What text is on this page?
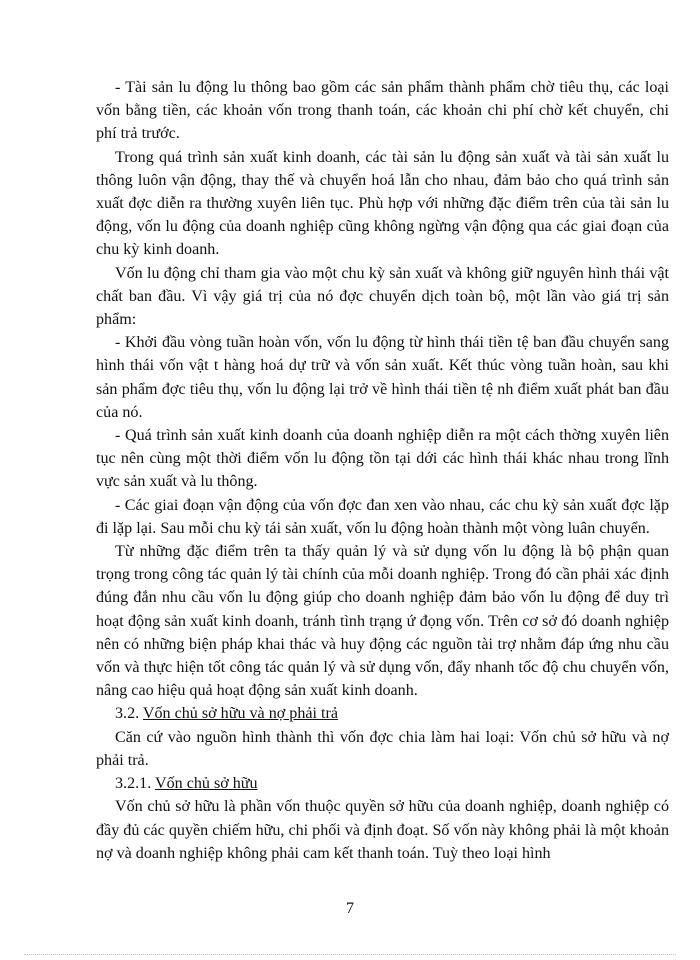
- Tài sản lu động lu thông bao gồm các sản phẩm thành phẩm chờ tiêu thụ, các loại vốn bằng tiền, các khoản vốn trong thanh toán, các khoản chi phí chờ kết chuyển, chi phí trả trước.

Trong quá trình sản xuất kinh doanh, các tài sản lu động sản xuất và tài sản xuất lu thông luôn vận động, thay thế và chuyển hoá lẫn cho nhau, đảm bảo cho quá trình sản xuất đợc diễn ra thường xuyên liên tục. Phù hợp với những đặc điểm trên của tài sản lu động, vốn lu động của doanh nghiệp cũng không ngừng vận động qua các giai đoạn của chu kỳ kinh doanh.

Vốn lu động chỉ tham gia vào một chu kỳ sản xuất và không giữ nguyên hình thái vật chất ban đầu. Vì vậy giá trị của nó đợc chuyển dịch toàn bộ, một lần vào giá trị sản phẩm:

- Khởi đầu vòng tuần hoàn vốn, vốn lu động từ hình thái tiền tệ ban đầu chuyển sang hình thái vốn vật t hàng hoá dự trữ và vốn sản xuất. Kết thúc vòng tuần hoàn, sau khi sản phẩm đợc tiêu thụ, vốn lu động lại trở về hình thái tiền tệ nh điểm xuất phát ban đầu của nó.

- Quá trình sản xuất kinh doanh của doanh nghiệp diễn ra một cách thờng xuyên liên tục nên cùng một thời điểm vốn lu động tồn tại dới các hình thái khác nhau trong lĩnh vực sản xuất và lu thông.

- Các giai đoạn vận động của vốn đợc đan xen vào nhau, các chu kỳ sản xuất đợc lặp đi lặp lại. Sau mỗi chu kỳ tái sản xuất, vốn lu động hoàn thành một vòng luân chuyển.

Từ những đặc điểm trên ta thấy quản lý và sử dụng vốn lu động là bộ phận quan trọng trong công tác quản lý tài chính của mỗi doanh nghiệp. Trong đó cần phải xác định đúng đắn nhu cầu vốn lu động giúp cho doanh nghiệp đảm bảo vốn lu động để duy trì hoạt động sản xuất kinh doanh, tránh tình trạng ứ đọng vốn. Trên cơ sở đó doanh nghiệp nên có những biện pháp khai thác và huy động các nguồn tài trợ nhằm đáp ứng nhu cầu vốn và thực hiện tốt công tác quản lý và sử dụng vốn, đẩy nhanh tốc độ chu chuyển vốn, nâng cao hiệu quả hoạt động sản xuất kinh doanh.

3.2. Vốn chủ sở hữu và nợ phải trả

Căn cứ vào nguồn hình thành thì vốn đợc chia làm hai loại: Vốn chủ sở hữu và nợ phải trả.

3.2.1. Vốn chủ sở hữu

Vốn chủ sở hữu là phần vốn thuộc quyền sở hữu của doanh nghiệp, doanh nghiệp có đầy đủ các quyền chiếm hữu, chi phối và định đoạt. Số vốn này không phải là một khoản nợ và doanh nghiệp không phải cam kết thanh toán. Tuỳ theo loại hình

7
